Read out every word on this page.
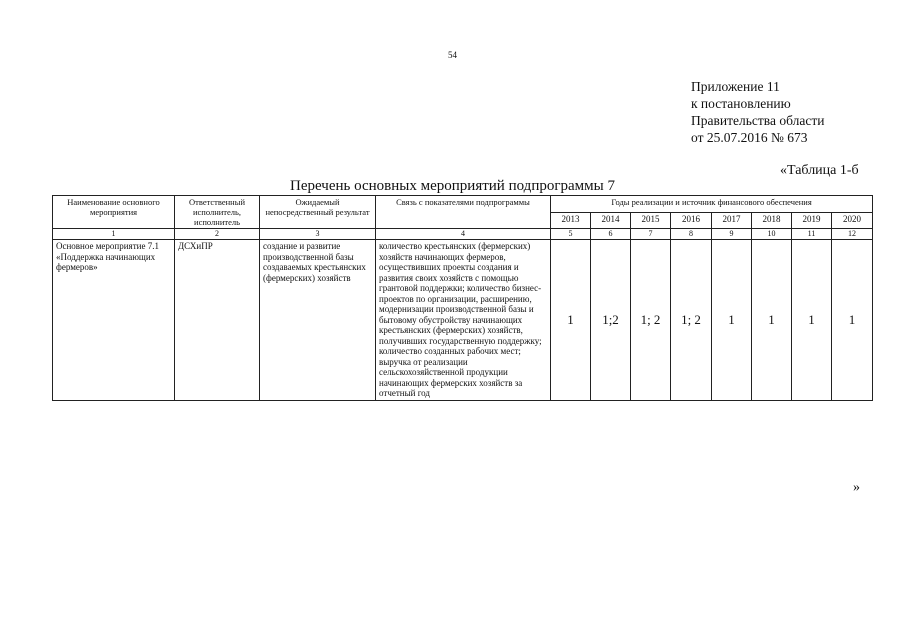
54
Приложение 11
к постановлению
Правительства области
от 25.07.2016 № 673
«Таблица 1-б
Перечень основных мероприятий подпрограммы 7
Наименование основного мероприятия	Ответственный исполнитель, исполнитель	Ожидаемый непосредственный результат	Связь с показателями подпрограммы	Годы реализации и источник финансового обеспечения							
				2013	2014	2015	2016	2017	2018	2019	2020
1	2	3	4	5	6	7	8	9	10	11	12
Основное мероприятие 7.1 «Поддержка начинающих фермеров»	ДСХиПР	создание и развитие производственной базы создаваемых крестьянских (фермерских) хозяйств	количество крестьянских (фермерских) хозяйств начинающих фермеров, осуществивших проекты создания и развития своих хозяйств с помощью грантовой поддержки; количество бизнес-проектов по организации, расширению, модернизации производственной базы и бытовому обустройству начинающих крестьянских (фермерских) хозяйств, получивших государственную поддержку; количество созданных рабочих мест; выручка от реализации сельскохозяйственной продукции начинающих фермерских хозяйств за отчетный год	1	1;2	1; 2	1; 2	1	1	1	1
»
